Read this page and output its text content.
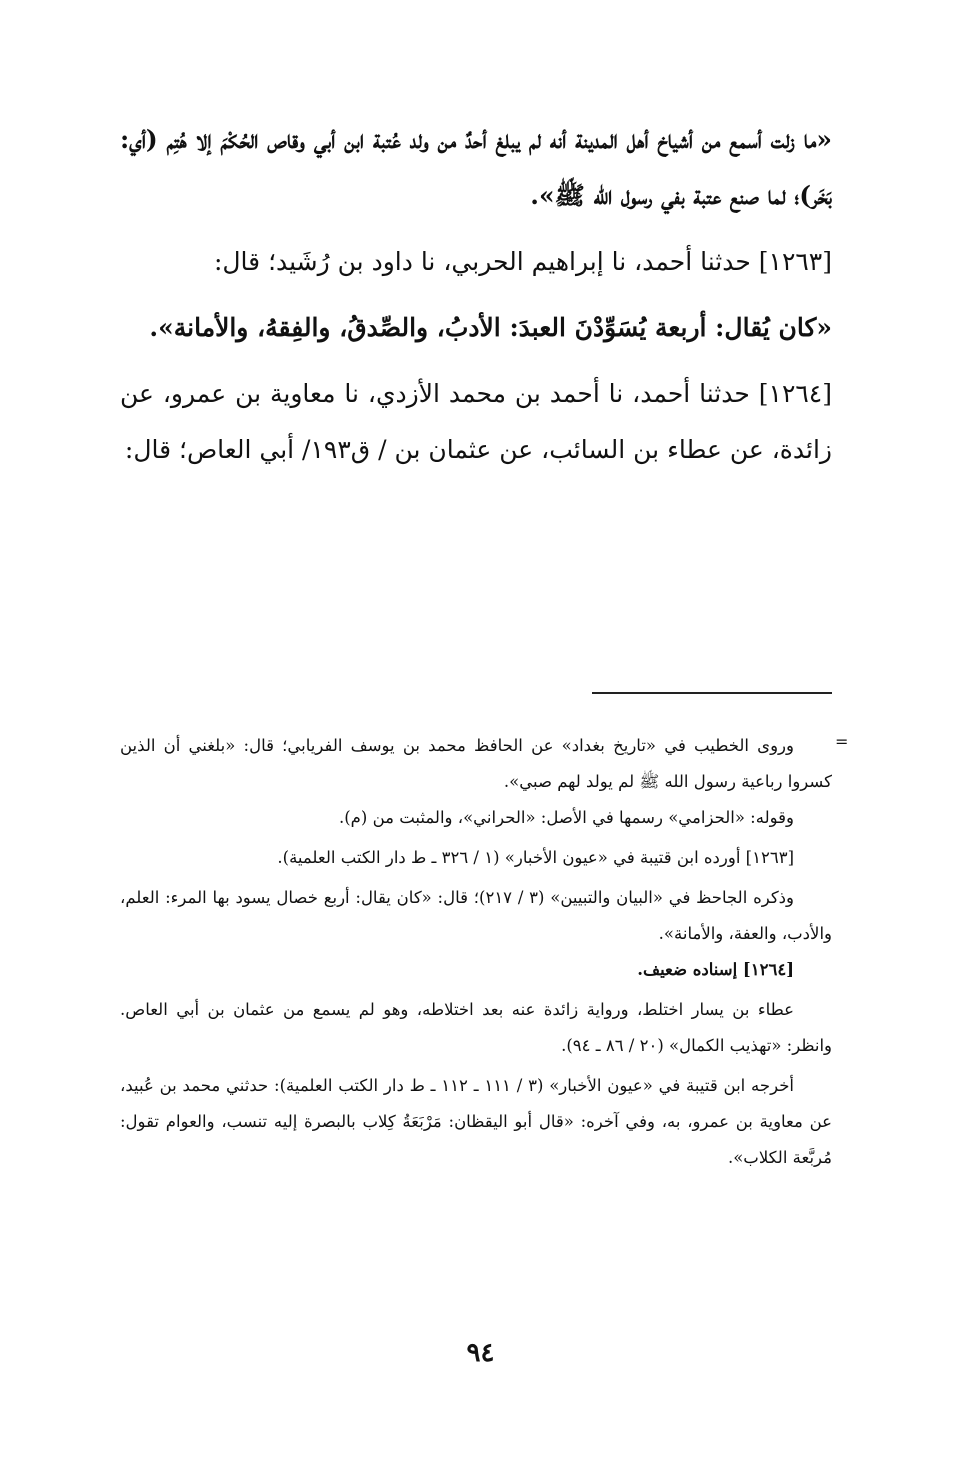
«ما زلت أسمع من أشياخ أهل المدينة أنه لم يبلغ أحدٌ من ولد عُتبة ابن أبي وقاص الحُكْمَ إلا هُتِم (أي: بَخَر)؛ لما صنع عتبة بفي رسول الله ﷺ».

[١٢٦٣] حدثنا أحمد، نا إبراهيم الحربي، نا داود بن رُشَيد؛ قال:

«كان يُقال: أربعة يُسَوِّدْنَ العبدَ: الأدبُ، والصِّدقُ، والفِقهُ، والأمانة».

[١٢٦٤] حدثنا أحمد، نا أحمد بن محمد الأزدي، نا معاوية بن عمرو، عن زائدة، عن عطاء بن السائب، عن عثمان بن / ق١٩٣/ أبي العاص؛ قال:

=

وروى الخطيب في «تاريخ بغداد» عن الحافظ محمد بن يوسف الفريابي؛ قال: «بلغني أن الذين كسروا رباعية رسول الله ﷺ لم يولد لهم صبي».

وقوله: «الحزامي» رسمها في الأصل: «الحراني»، والمثبت من (م).

[١٢٦٣] أورده ابن قتيبة في «عيون الأخبار» (١ / ٣٢٦ ـ ط دار الكتب العلمية).

وذكره الجاحظ في «البيان والتبيين» (٣ / ٢١٧)؛ قال: «كان يقال: أربع خصال يسود بها المرء: العلم، والأدب، والعفة، والأمانة».

[١٢٦٤] إسناده ضعيف.

عطاء بن يسار اختلط، ورواية زائدة عنه بعد اختلاطه، وهو لم يسمع من عثمان بن أبي العاص. وانظر: «تهذيب الكمال» (٢٠ / ٨٦ ـ ٩٤).

أخرجه ابن قتيبة في «عيون الأخبار» (٣ / ١١١ ـ ١١٢ ـ ط دار الكتب العلمية): حدثني محمد بن عُبيد، عن معاوية بن عمرو، به، وفي آخره: «قال أبو اليقظان: مَرْبَعَةُ كِلاب بالبصرة إليه تنسب، والعوام تقول: مُربَّعة الكلاب».

٩٤
